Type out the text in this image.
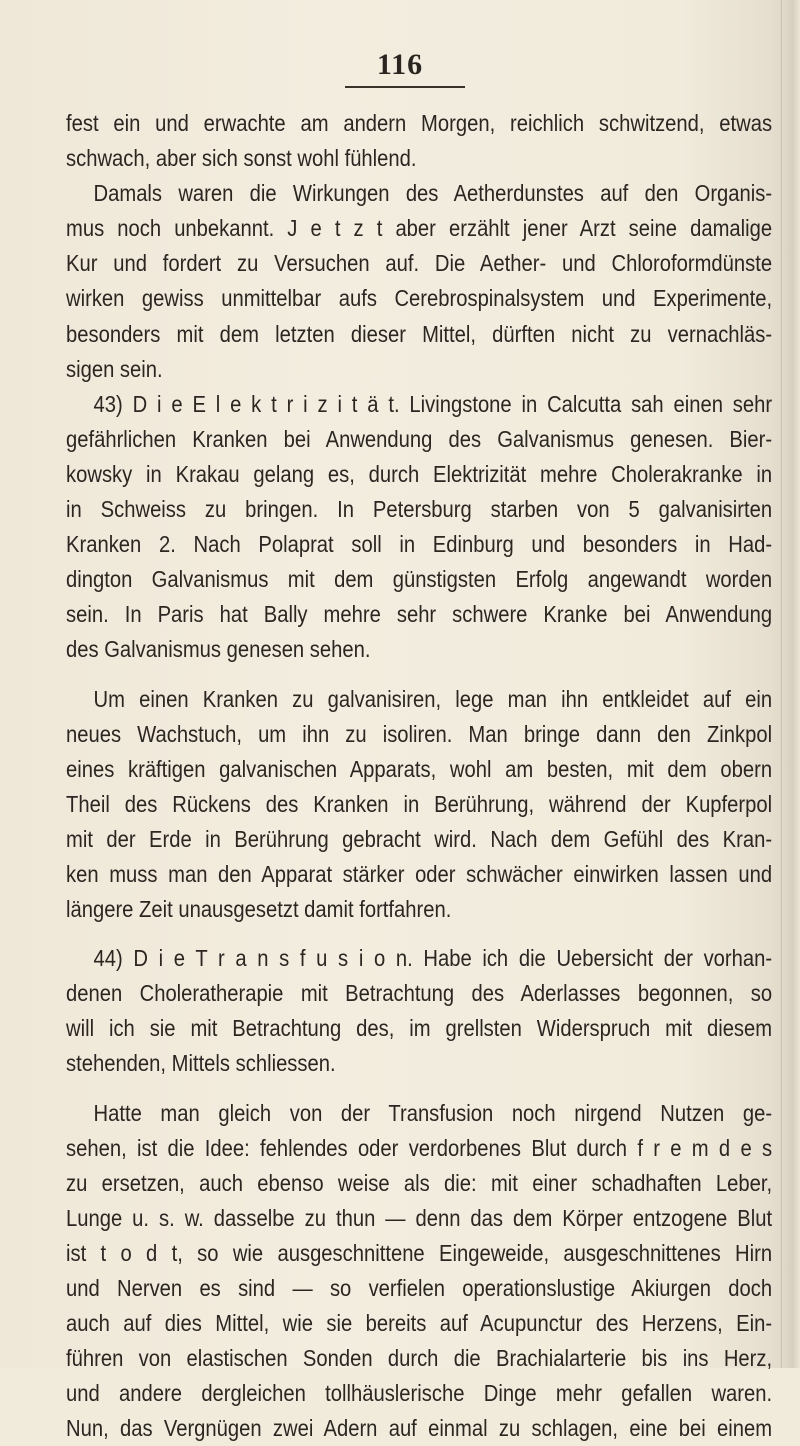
116
fest ein und erwachte am andern Morgen, reichlich schwitzend, etwas
schwach, aber sich sonst wohl fühlend.
Damals waren die Wirkungen des Aetherdunstes auf den Organis-
mus noch unbekannt. J e t z t aber erzählt jener Arzt seine damalige
Kur und fordert zu Versuchen auf. Die Aether- und Chloroformdünste
wirken gewiss unmittelbar aufs Cerebrospinalsystem und Experimente,
besonders mit dem letzten dieser Mittel, dürften nicht zu vernachläs-
sigen sein.
43) D i e E l e k t r i z i t ä t. Livingstone in Calcutta sah einen sehr
gefährlichen Kranken bei Anwendung des Galvanismus genesen. Bier-
kowsky in Krakau gelang es, durch Elektrizität mehre Cholerakranke in
in Schweiss zu bringen. In Petersburg starben von 5 galvanisirten
Kranken 2. Nach Polaprat soll in Edinburg und besonders in Had-
dington Galvanismus mit dem günstigsten Erfolg angewandt worden
sein. In Paris hat Bally mehre sehr schwere Kranke bei Anwendung
des Galvanismus genesen sehen.
Um einen Kranken zu galvanisiren, lege man ihn entkleidet auf ein
neues Wachstuch, um ihn zu isoliren. Man bringe dann den Zinkpol
eines kräftigen galvanischen Apparats, wohl am besten, mit dem obern
Theil des Rückens des Kranken in Berührung, während der Kupferpol
mit der Erde in Berührung gebracht wird. Nach dem Gefühl des Kran-
ken muss man den Apparat stärker oder schwächer einwirken lassen und
längere Zeit unausgesetzt damit fortfahren.
44) D i e T r a n s f u s i o n. Habe ich die Uebersicht der vorhan-
denen Choleratherapie mit Betrachtung des Aderlasses begonnen, so
will ich sie mit Betrachtung des, im grellsten Widerspruch mit diesem
stehenden, Mittels schliessen.
Hatte man gleich von der Transfusion noch nirgend Nutzen ge-
sehen, ist die Idee: fehlendes oder verdorbenes Blut durch f r e m d e s
zu ersetzen, auch ebenso weise als die: mit einer schadhaften Leber,
Lunge u. s. w. dasselbe zu thun — denn das dem Körper entzogene Blut
ist t o d t, so wie ausgeschnittene Eingeweide, ausgeschnittenes Hirn
und Nerven es sind — so verfielen operationslustige Akiurgen doch
auch auf dies Mittel, wie sie bereits auf Acupunctur des Herzens, Ein-
führen von elastischen Sonden durch die Brachialarterie bis ins Herz,
und andere dergleichen tollhäuslerische Dinge mehr gefallen waren.
Nun, das Vergnügen zwei Adern auf einmal zu schlagen, eine bei einem
